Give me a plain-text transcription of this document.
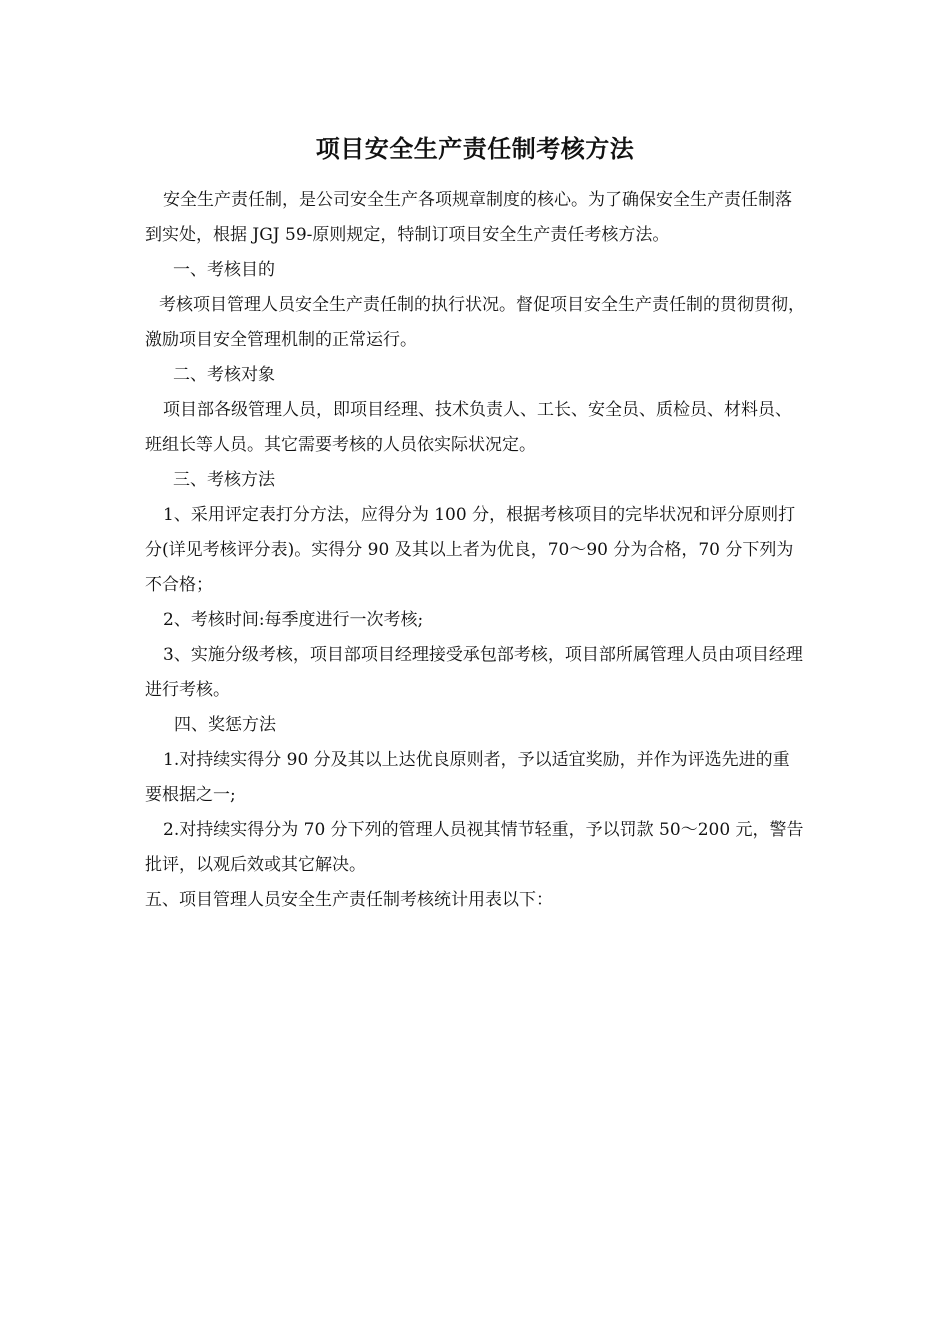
项目安全生产责任制考核方法

安全生产责任制，是公司安全生产各项规章制度的核心。为了确保安全生产责任制落到实处，根据 JGJ 59-原则规定，特制订项目安全生产责任考核方法。

一、考核目的

考核项目管理人员安全生产责任制的执行状况。督促项目安全生产责任制的贯彻贯彻，激励项目安全管理机制的正常运行。

二、考核对象

项目部各级管理人员，即项目经理、技术负责人、工长、安全员、质检员、材料员、班组长等人员。其它需要考核的人员依实际状况定。

三、考核方法

1、采用评定表打分方法，应得分为 100 分，根据考核项目的完毕状况和评分原则打分(详见考核评分表)。实得分 90 及其以上者为优良，70～90 分为合格，70 分下列为不合格；

2、考核时间:每季度进行一次考核;

3、实施分级考核，项目部项目经理接受承包部考核，项目部所属管理人员由项目经理进行考核。

四、奖惩方法

1.对持续实得分 90 分及其以上达优良原则者，予以适宜奖励，并作为评选先进的重要根据之一;

2.对持续实得分为 70 分下列的管理人员视其情节轻重，予以罚款 50～200 元，警告批评，以观后效或其它解决。

五、项目管理人员安全生产责任制考核统计用表以下：
